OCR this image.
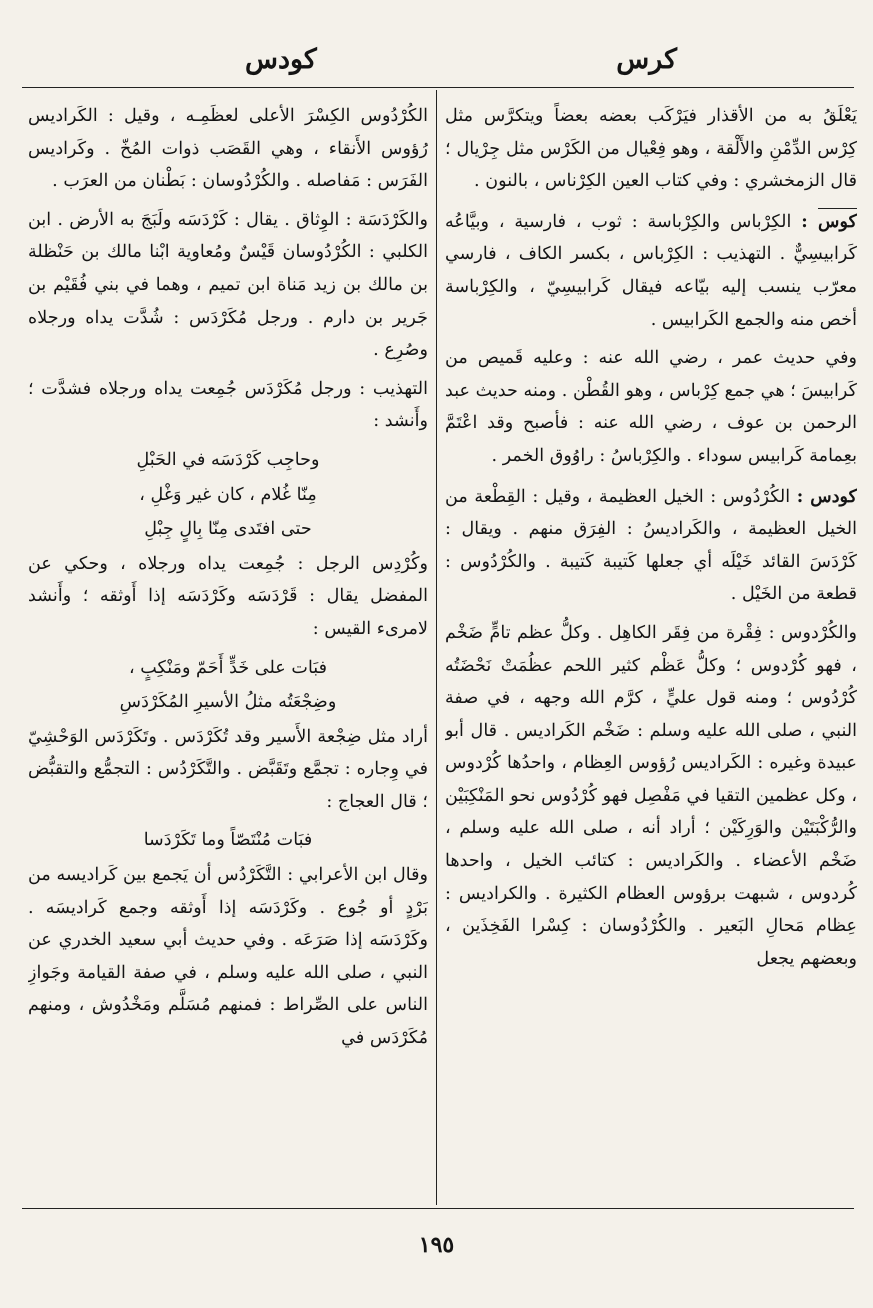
كرس
كودس

يَعْلَقُ به من الأقذار فيَرْكَب بعضه بعضاً ويتكرَّس مثل كِرْس الدِّمْنِ والأَلْقة ، وهو فِعْيال من الكَرْس مثل جِرْيال ؛ قال الزمخشري : وفي كتاب العين الكِرْناس ، بالنون .

كوس : الكِرْباس والكِرْباسة : ثوب ، فارسية ، وبيَّاعُه كَرابيسِيٌّ . التهذيب : الكِرْباس ، بكسر الكاف ، فارسي معرّب ينسب إليه بيّاعه فيقال كَرابيسِيّ ، والكِرْباسة أخص منه والجمع الكَرابيس .

وفي حديث عمر ، رضي الله عنه : وعليه قَميص من كَرابيسَ ؛ هي جمع كِرْباس ، وهو القُطْن . ومنه حديث عبد الرحمن بن عوف ، رضي الله عنه : فأصبح وقد اعْتَمَّ بعِمامة كَرابيس سوداء . والكِرْباسُ : راوُوق الخمر .

كودس : الكُرْدُوس : الخيل العظيمة ، وقيل : القِطْعة من الخيل العظيمة ، والكَراديسُ : الفِرَق منهم . ويقال : كَرْدَسَ القائد خَيْلَه أي جعلها كَتيبة كَتيبة . والكُرْدُوس : قطعة من الخَيْل .

والكُرْدوس : فِقْرة من فِقَر الكاهِل . وكلُّ عظم تامٍّ ضَخْم ، فهو كُرْدوس ؛ وكلُّ عَظْم كثير اللحم عظُمَتْ نَحْضَتُه كُرْدُوس ؛ ومنه قول عليٍّ ، كرَّم الله وجهه ، في صفة النبي ، صلى الله عليه وسلم : ضَخْم الكَراديس . قال أبو عبيدة وغيره : الكَراديس رُؤوس العِظام ، واحدُها كُرْدوس ، وكل عظمين التقيا في مَفْصِل فهو كُرْدُوس نحو المَنْكِبَيْن والرُّكْبَتَيْن والوَرِكَيْن ؛ أراد أنه ، صلى الله عليه وسلم ، ضَخْم الأعضاء . والكَراديس : كتائب الخيل ، واحدها كُردوس ، شبهت برؤوس العظام الكثيرة . والكراديس : عِظام مَحالِ البَعير . والكُرْدُوسان : كِسْرا الفَخِذَين ، وبعضهم يجعل

الكُرْدُوس الكِسْرَ الأعلى لعظَمِـه ، وقيل : الكَراديس رُؤوس الأَنقاء ، وهي القَصَب ذوات المُخّ . وكَراديس الفَرَس : مَفاصله . والكُرْدُوسان : بَطْنان من العرَب .

والكَرْدَسَة : الوِثاق . يقال : كَرْدَسَه ولَبَجَ به الأرض . ابن الكلبي : الكُرْدُوسان قَيْسٌ ومُعاوية ابْنا مالك بن حَنْظلة بن مالك بن زيد مَناة ابن تميم ، وهما في بني فُقَيْم بن جَرير بن دارم . ورجل مُكَرْدَس : شُدَّت يداه ورجلاه وصُرِع .

التهذيب : ورجل مُكَرْدَس جُمِعت يداه ورجلاه فشدَّت ؛ وأَنشد :

وحاجِب كَرْدَسَه في الحَبْلِ
مِنّا غُلام ، كان غير وَغْلِ ،
حتى افتَدى مِنّا بِالٍ جِبْلِ

وكُرْدِس الرجل : جُمِعت يداه ورجلاه ، وحكي عن المفضل يقال : قَرْدَسَه وكَرْدَسَه إذا أَوثقه ؛ وأَنشد لامرىء القيس :

فبَات على خَدٍّ أَحَمّ ومَنْكِبٍ ،
وضِجْعَتُه مثلُ الأسيرِ المُكَرْدَسِ

أراد مثل ضِجْعة الأَسير وقد تُكَرْدَس . وتَكَرْدَس الوَحْشِيّ في وِجاره : تجمَّع وتَقَبَّض . والتَّكَرْدُس : التجمُّع والتقبُّض ؛ قال العجاج :

فبَات مُنْتَصّاً وما تَكَرْدَسا

وقال ابن الأعرابي : التَّكَرْدُس أن يَجمع بين كَراديسه من بَرْدٍ أو جُوع . وكَرْدَسَه إذا أَوثقه وجمع كَراديسَه . وكَرْدَسَه إذا صَرَعَه . وفي حديث أبي سعيد الخدري عن النبي ، صلى الله عليه وسلم ، في صفة القيامة وجَوازِ الناس على الصِّراط : فمنهم مُسَلَّم ومَخْدُوش ، ومنهم مُكَرْدَس في

١٩٥
